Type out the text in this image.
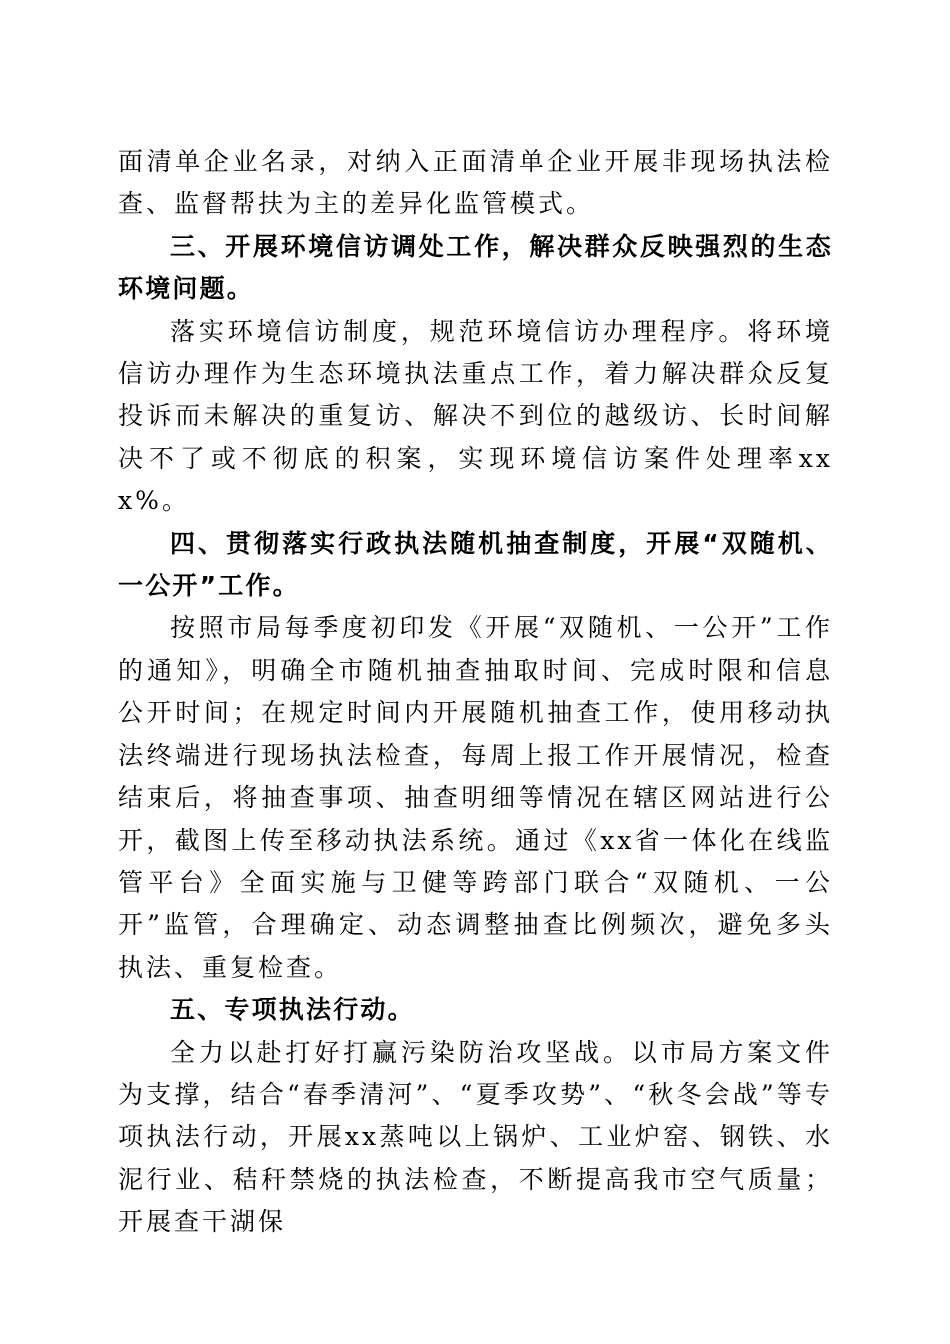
面清单企业名录，对纳入正面清单企业开展非现场执法检查、监督帮扶为主的差异化监管模式。

三、开展环境信访调处工作，解决群众反映强烈的生态环境问题。

落实环境信访制度，规范环境信访办理程序。将环境信访办理作为生态环境执法重点工作，着力解决群众反复投诉而未解决的重复访、解决不到位的越级访、长时间解决不了或不彻底的积案，实现环境信访案件处理率xxx%。

四、贯彻落实行政执法随机抽查制度，开展“双随机、一公开”工作。

按照市局每季度初印发《开展“双随机、一公开”工作的通知》，明确全市随机抽查抽取时间、完成时限和信息公开时间；在规定时间内开展随机抽查工作，使用移动执法终端进行现场执法检查，每周上报工作开展情况，检查结束后，将抽查事项、抽查明细等情况在辖区网站进行公开，截图上传至移动执法系统。通过《xx省一体化在线监管平台》全面实施与卫健等跨部门联合“双随机、一公开”监管，合理确定、动态调整抽查比例频次，避免多头执法、重复检查。

五、专项执法行动。

全力以赴打好打赢污染防治攻坚战。以市局方案文件为支撑，结合“春季清河”、“夏季攻势”、“秋冬会战”等专项执法行动，开展xx蒸吨以上锅炉、工业炉窑、钢铁、水泥行业、秸秆禁烧的执法检查，不断提高我市空气质量；开展查干湖保
